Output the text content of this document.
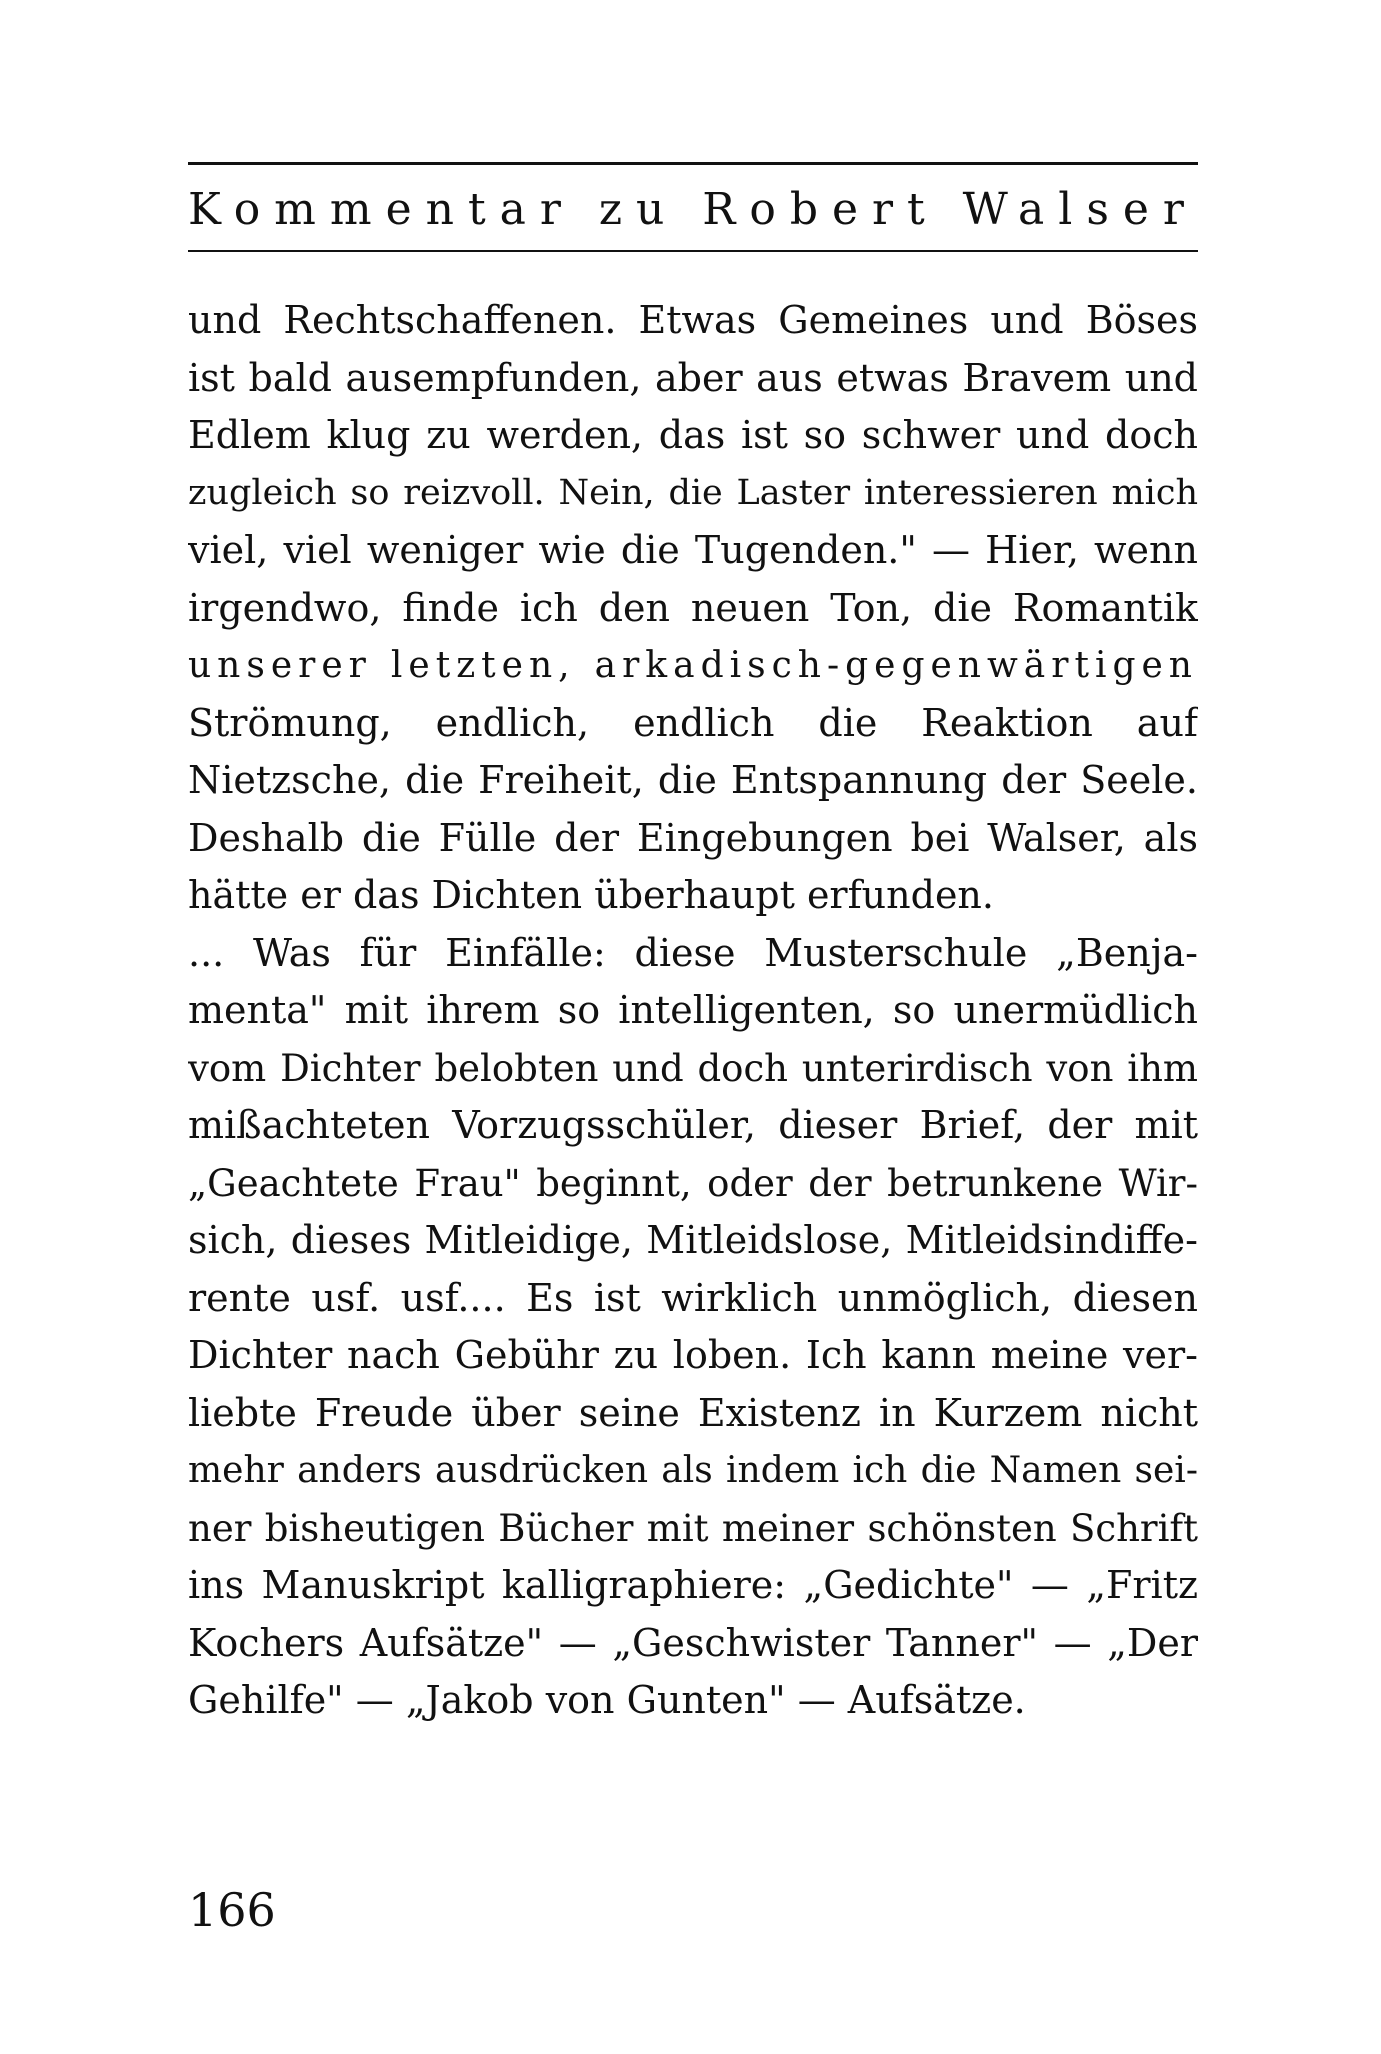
Kommentar zu Robert Walser
und Rechtschaffenen. Etwas Gemeines und Böses
ist bald ausempfunden, aber aus etwas Bravem und
Edlem klug zu werden, das ist so schwer und doch
zugleich so reizvoll. Nein, die Laster interessieren mich
viel, viel weniger wie die Tugenden." — Hier, wenn
irgendwo, finde ich den neuen Ton, die Romantik
unserer letzten, arkadisch-gegenwärtigen
Strömung, endlich, endlich die Reaktion auf
Nietzsche, die Freiheit, die Entspannung der Seele.
Deshalb die Fülle der Eingebungen bei Walser, als
hätte er das Dichten überhaupt erfunden.
... Was für Einfälle: diese Musterschule „Benja-
menta" mit ihrem so intelligenten, so unermüdlich
vom Dichter belobten und doch unterirdisch von ihm
mißachteten Vorzugsschüler, dieser Brief, der mit
„Geachtete Frau" beginnt, oder der betrunkene Wir-
sich, dieses Mitleidige, Mitleidslose, Mitleidsindiffe-
rente usf. usf.... Es ist wirklich unmöglich, diesen
Dichter nach Gebühr zu loben. Ich kann meine ver-
liebte Freude über seine Existenz in Kurzem nicht
mehr anders ausdrücken als indem ich die Namen sei-
ner bisheutigen Bücher mit meiner schönsten Schrift
ins Manuskript kalligraphiere: „Gedichte" — „Fritz
Kochers Aufsätze" — „Geschwister Tanner" — „Der
Gehilfe" — „Jakob von Gunten" — Aufsätze.
166
